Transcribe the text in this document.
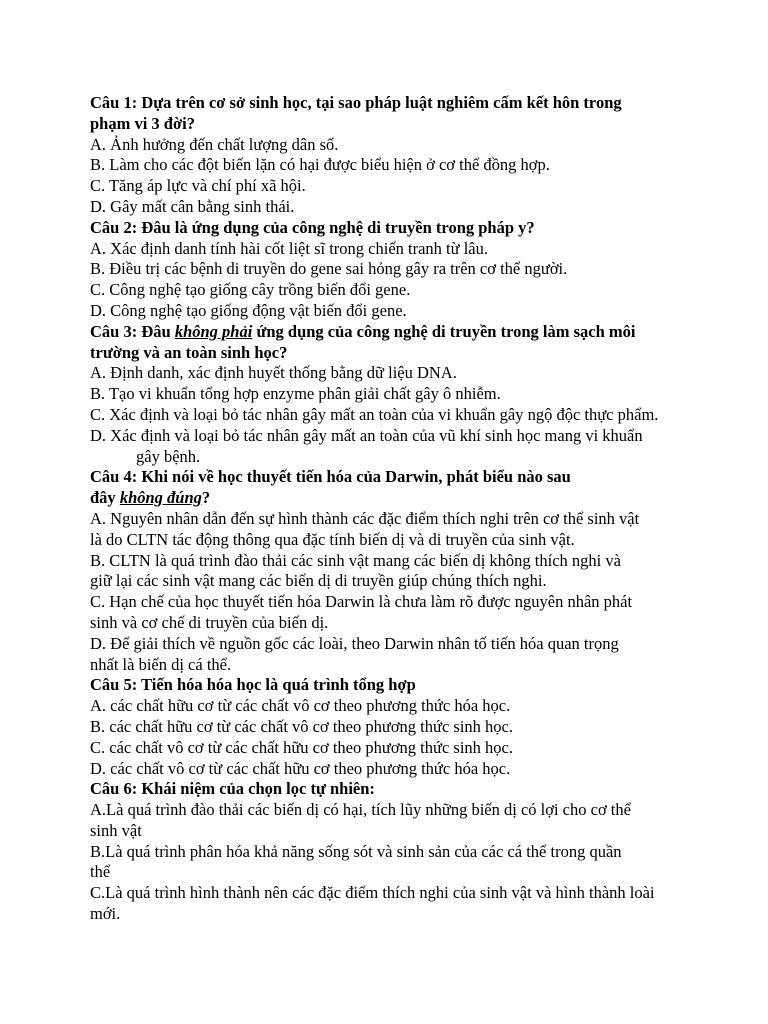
Câu 1: Dựa trên cơ sở sinh học, tại sao pháp luật nghiêm cấm kết hôn trong
phạm vi 3 đời?
A. Ảnh hưởng đến chất lượng dân số.
B. Làm cho các đột biến lặn có hại được biểu hiện ở cơ thể đồng hợp.
C. Tăng áp lực và chí phí xã hội.
D. Gây mất cân bằng sinh thái.
Câu 2: Đâu là ứng dụng của công nghệ di truyền trong pháp y?
A. Xác định danh tính hài cốt liệt sĩ trong chiến tranh từ lâu.
B. Điều trị các bệnh di truyền do gene sai hỏng gây ra trên cơ thể người.
C. Công nghệ tạo giống cây trồng biến đổi gene.
D. Công nghệ tạo giống động vật biến đổi gene.
Câu 3: Đâu không phải ứng dụng của công nghệ di truyền trong làm sạch môi
trường và an toàn sinh học?
A. Định danh, xác định huyết thống bằng dữ liệu DNA.
B. Tạo vi khuẩn tổng hợp enzyme phân giải chất gây ô nhiễm.
C. Xác định và loại bỏ tác nhân gây mất an toàn của vi khuẩn gây ngộ độc thực phẩm.
D. Xác định và loại bỏ tác nhân gây mất an toàn của vũ khí sinh học mang vi khuẩn
gây bệnh.
Câu 4: Khi nói về học thuyết tiến hóa của Darwin, phát biểu nào sau
đây không đúng?
A. Nguyên nhân dẫn đến sự hình thành các đặc điểm thích nghi trên cơ thể sinh vật
là do CLTN tác động thông qua đặc tính biến dị và di truyền của sinh vật.
B. CLTN là quá trình đào thải các sinh vật mang các biến dị không thích nghi và
giữ lại các sinh vật mang các biến dị di truyền giúp chúng thích nghi.
C. Hạn chế của học thuyết tiến hóa Darwin là chưa làm rõ được nguyên nhân phát
sinh và cơ chế di truyền của biến dị.
D. Để giải thích về nguồn gốc các loài, theo Darwin nhân tố tiến hóa quan trọng
nhất là biến dị cá thể.
Câu 5: Tiến hóa hóa học là quá trình tổng hợp
A. các chất hữu cơ từ các chất vô cơ theo phương thức hóa học.
B. các chất hữu cơ từ các chất vô cơ theo phương thức sinh học.
C. các chất vô cơ từ các chất hữu cơ theo phương thức sinh học.
D. các chất vô cơ từ các chất hữu cơ theo phương thức hóa học.
Câu 6: Khái niệm của chọn lọc tự nhiên:
A.Là quá trình đào thải các biến dị có hại, tích lũy những biến dị có lợi cho cơ thể
sinh vật
B.Là quá trình phân hóa khả năng sống sót và sinh sản của các cá thể trong quần
thể
C.Là quá trình hình thành nên các đặc điểm thích nghi của sinh vật và hình thành loài
mới.
